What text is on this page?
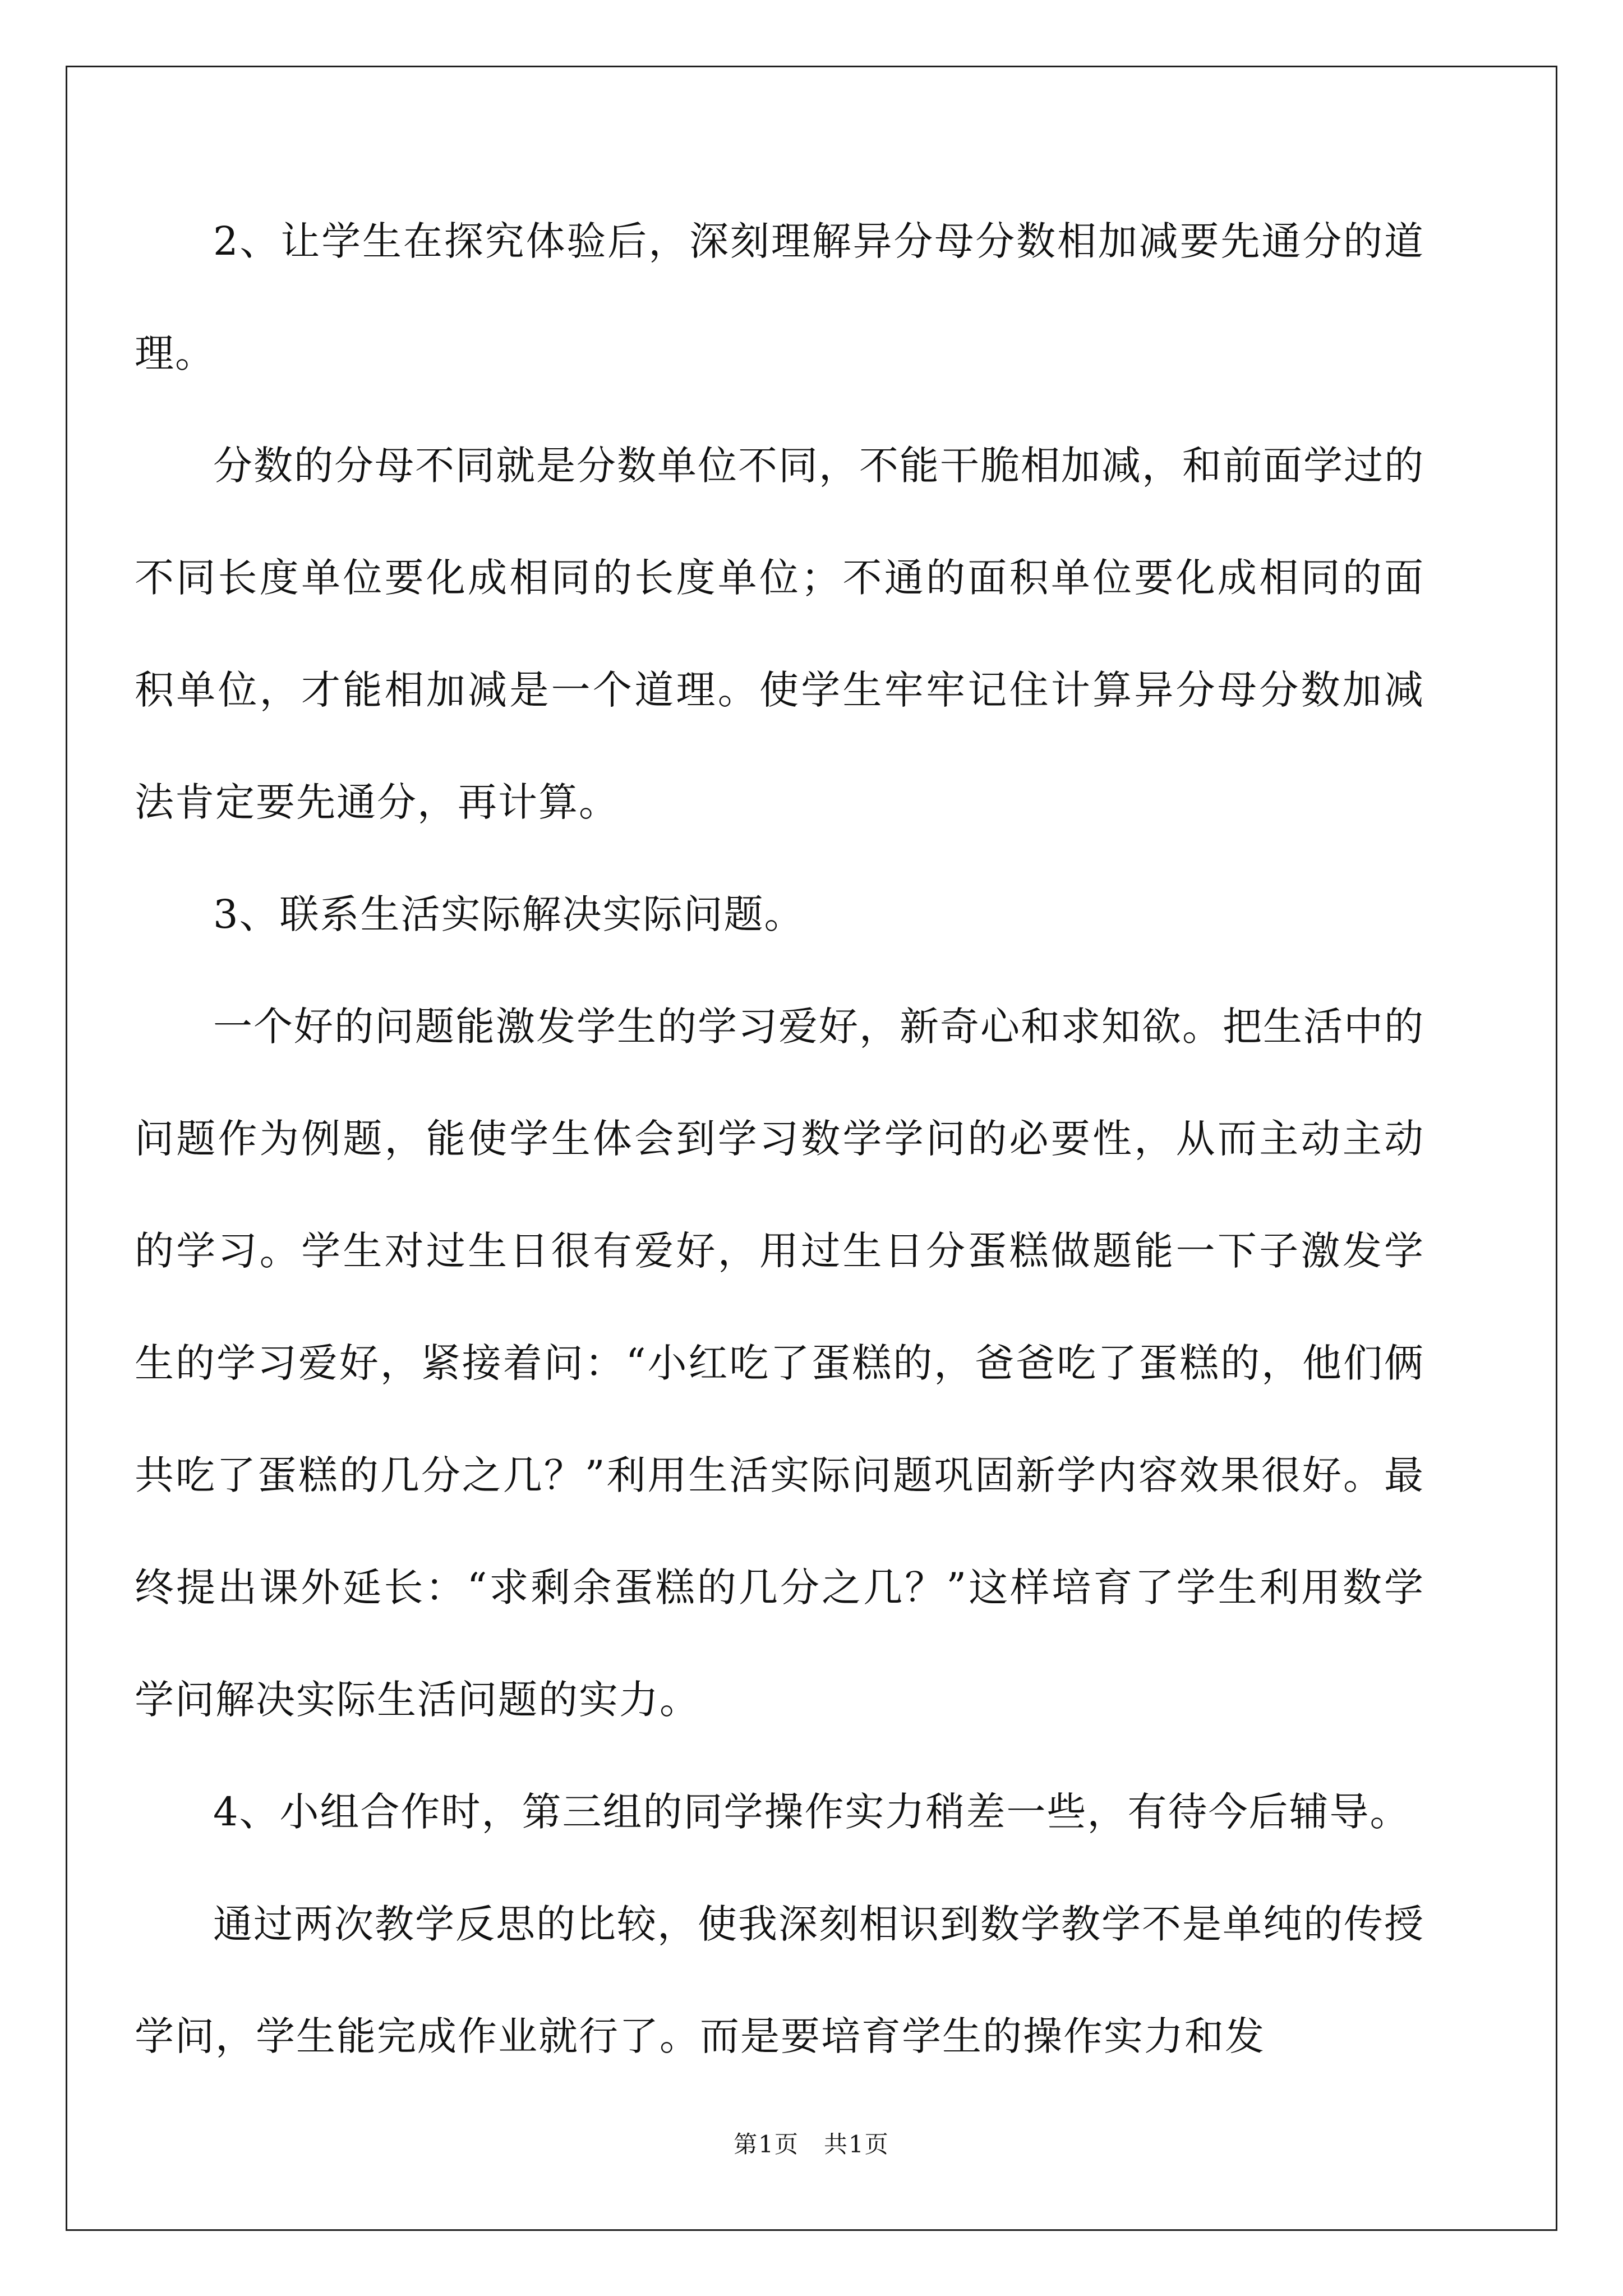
2、让学生在探究体验后，深刻理解异分母分数相加减要先通分的道理。

分数的分母不同就是分数单位不同，不能干脆相加减，和前面学过的不同长度单位要化成相同的长度单位；不通的面积单位要化成相同的面积单位，才能相加减是一个道理。使学生牢牢记住计算异分母分数加减法肯定要先通分，再计算。

3、联系生活实际解决实际问题。

一个好的问题能激发学生的学习爱好，新奇心和求知欲。把生活中的问题作为例题，能使学生体会到学习数学学问的必要性，从而主动主动的学习。学生对过生日很有爱好，用过生日分蛋糕做题能一下子激发学生的学习爱好，紧接着问：“小红吃了蛋糕的，爸爸吃了蛋糕的，他们俩共吃了蛋糕的几分之几？”利用生活实际问题巩固新学内容效果很好。最终提出课外延长：“求剩余蛋糕的几分之几？”这样培育了学生利用数学学问解决实际生活问题的实力。

4、小组合作时，第三组的同学操作实力稍差一些，有待今后辅导。

通过两次教学反思的比较，使我深刻相识到数学教学不是单纯的传授学问，学生能完成作业就行了。而是要培育学生的操作实力和发

第1页　共1页
